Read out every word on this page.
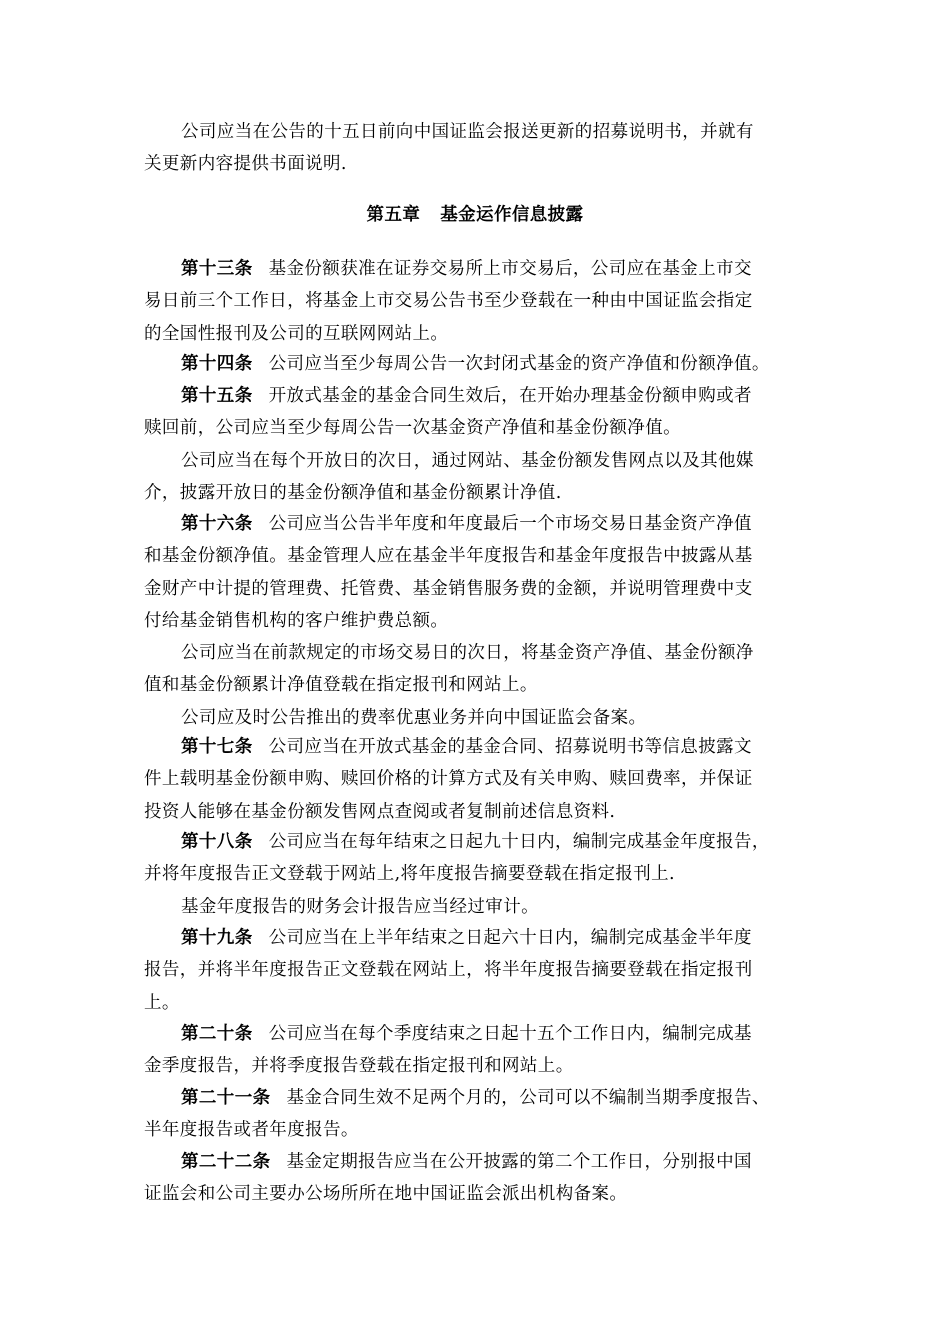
公司应当在公告的十五日前向中国证监会报送更新的招募说明书，并就有
关更新内容提供书面说明.
第五章 基金运作信息披露
第十三条 基金份额获准在证券交易所上市交易后，公司应在基金上市交
易日前三个工作日，将基金上市交易公告书至少登载在一种由中国证监会指定
的全国性报刊及公司的互联网网站上。
第十四条 公司应当至少每周公告一次封闭式基金的资产净值和份额净值。
第十五条 开放式基金的基金合同生效后，在开始办理基金份额申购或者
赎回前，公司应当至少每周公告一次基金资产净值和基金份额净值。
公司应当在每个开放日的次日，通过网站、基金份额发售网点以及其他媒
介，披露开放日的基金份额净值和基金份额累计净值.
第十六条 公司应当公告半年度和年度最后一个市场交易日基金资产净值
和基金份额净值。基金管理人应在基金半年度报告和基金年度报告中披露从基
金财产中计提的管理费、托管费、基金销售服务费的金额，并说明管理费中支
付给基金销售机构的客户维护费总额。
公司应当在前款规定的市场交易日的次日，将基金资产净值、基金份额净
值和基金份额累计净值登载在指定报刊和网站上。
公司应及时公告推出的费率优惠业务并向中国证监会备案。
第十七条 公司应当在开放式基金的基金合同、招募说明书等信息披露文
件上载明基金份额申购、赎回价格的计算方式及有关申购、赎回费率，并保证
投资人能够在基金份额发售网点查阅或者复制前述信息资料.
第十八条 公司应当在每年结束之日起九十日内，编制完成基金年度报告，
并将年度报告正文登载于网站上,将年度报告摘要登载在指定报刊上.
基金年度报告的财务会计报告应当经过审计。
第十九条 公司应当在上半年结束之日起六十日内，编制完成基金半年度
报告，并将半年度报告正文登载在网站上，将半年度报告摘要登载在指定报刊
上。
第二十条 公司应当在每个季度结束之日起十五个工作日内，编制完成基
金季度报告，并将季度报告登载在指定报刊和网站上。
第二十一条 基金合同生效不足两个月的，公司可以不编制当期季度报告、
半年度报告或者年度报告。
第二十二条 基金定期报告应当在公开披露的第二个工作日，分别报中国
证监会和公司主要办公场所所在地中国证监会派出机构备案。
